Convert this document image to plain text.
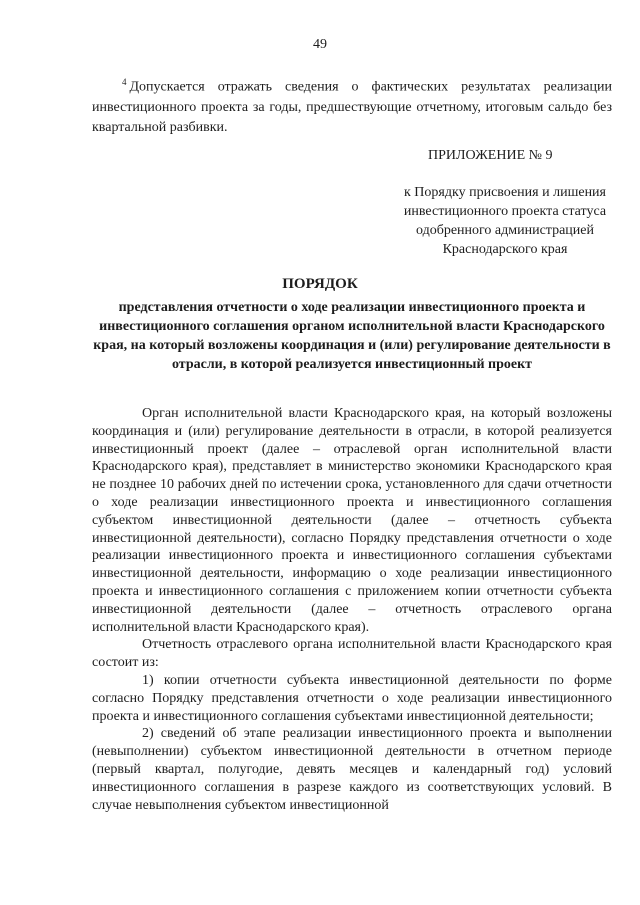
49
$^4$ Допускается отражать сведения о фактических результатах реализации инвестиционного проекта за годы, предшествующие отчетному, итоговым сальдо без квартальной разбивки.
ПРИЛОЖЕНИЕ № 9
к Порядку присвоения и лишения инвестиционного проекта статуса одобренного администрацией Краснодарского края
ПОРЯДОК
представления отчетности о ходе реализации инвестиционного проекта и инвестиционного соглашения органом исполнительной власти Краснодарского края, на который возложены координация и (или) регулирование деятельности в отрасли, в которой реализуется инвестиционный проект

Орган исполнительной власти Краснодарского края, на который возложены координация и (или) регулирование деятельности в отрасли, в которой реализуется инвестиционный проект (далее – отраслевой орган исполнительной власти Краснодарского края), представляет в министерство экономики Краснодарского края не позднее 10 рабочих дней по истечении срока, установленного для сдачи отчетности о ходе реализации инвестиционного проекта и инвестиционного соглашения субъектом инвестиционной деятельности (далее – отчетность субъекта инвестиционной деятельности), согласно Порядку представления отчетности о ходе реализации инвестиционного проекта и инвестиционного соглашения субъектами инвестиционной деятельности, информацию о ходе реализации инвестиционного проекта и инвестиционного соглашения с приложением копии отчетности субъекта инвестиционной деятельности (далее – отчетность отраслевого органа исполнительной власти Краснодарского края).

Отчетность отраслевого органа исполнительной власти Краснодарского края состоит из:

1) копии отчетности субъекта инвестиционной деятельности по форме согласно Порядку представления отчетности о ходе реализации инвестиционного проекта и инвестиционного соглашения субъектами инвестиционной деятельности;

2) сведений об этапе реализации инвестиционного проекта и выполнении (невыполнении) субъектом инвестиционной деятельности в отчетном периоде (первый квартал, полугодие, девять месяцев и календарный год) условий инвестиционного соглашения в разрезе каждого из соответствующих условий. В случае невыполнения субъектом инвестиционной
